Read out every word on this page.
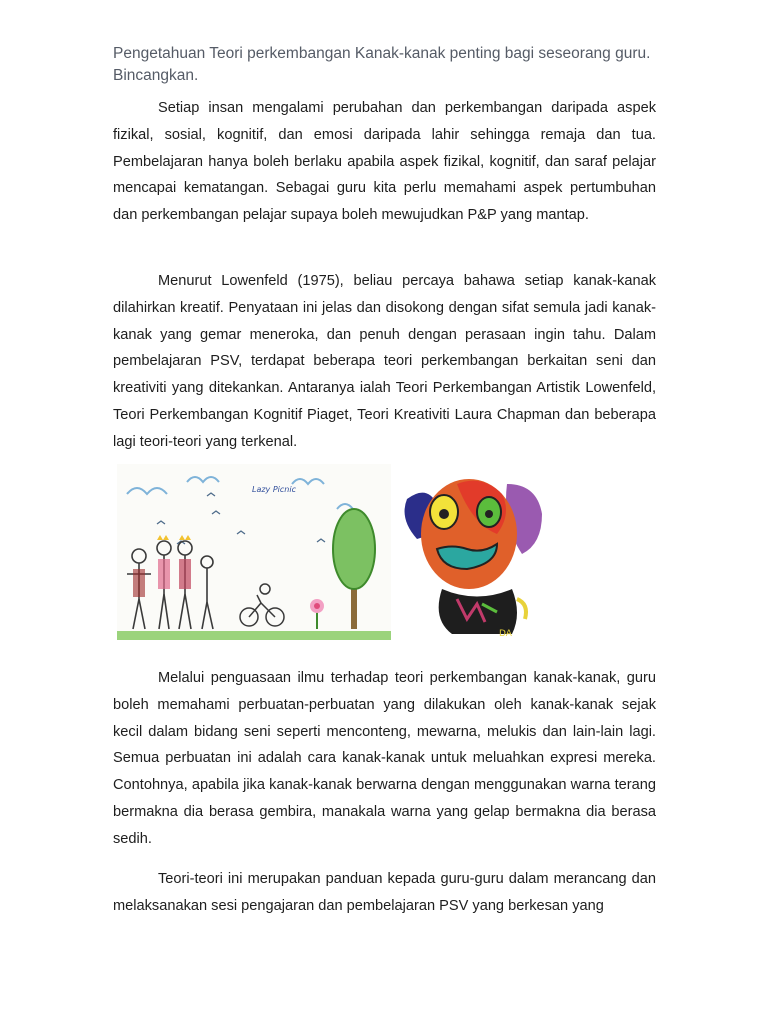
Pengetahuan Teori perkembangan Kanak-kanak penting bagi seseorang guru. Bincangkan.

Setiap insan mengalami perubahan dan perkembangan daripada aspek fizikal, sosial, kognitif, dan emosi daripada lahir sehingga remaja dan tua. Pembelajaran hanya boleh berlaku apabila aspek fizikal, kognitif, dan saraf pelajar mencapai kematangan. Sebagai guru kita perlu memahami aspek pertumbuhan dan perkembangan pelajar supaya boleh mewujudkan P&P yang mantap.

Menurut Lowenfeld (1975), beliau percaya bahawa setiap kanak-kanak dilahirkan kreatif. Penyataan ini jelas dan disokong dengan sifat semula jadi kanak-kanak yang gemar meneroka, dan penuh dengan perasaan ingin tahu. Dalam pembelajaran PSV, terdapat beberapa teori perkembangan berkaitan seni dan kreativiti yang ditekankan. Antaranya ialah Teori Perkembangan Artistik Lowenfeld, Teori Perkembangan Kognitif Piaget, Teori Kreativiti Laura Chapman dan beberapa lagi teori-teori yang terkenal.

Lazy Picnic
DA

Melalui penguasaan ilmu terhadap teori perkembangan kanak-kanak, guru boleh memahami perbuatan-perbuatan yang dilakukan oleh kanak-kanak sejak kecil dalam bidang seni seperti menconteng, mewarna, melukis dan lain-lain lagi. Semua perbuatan ini adalah cara kanak-kanak untuk meluahkan expresi mereka. Contohnya, apabila jika kanak-kanak berwarna dengan menggunakan warna terang bermakna dia berasa gembira, manakala warna yang gelap bermakna dia berasa sedih.

Teori-teori ini merupakan panduan kepada guru-guru dalam merancang dan melaksanakan sesi pengajaran dan pembelajaran PSV yang berkesan yang
